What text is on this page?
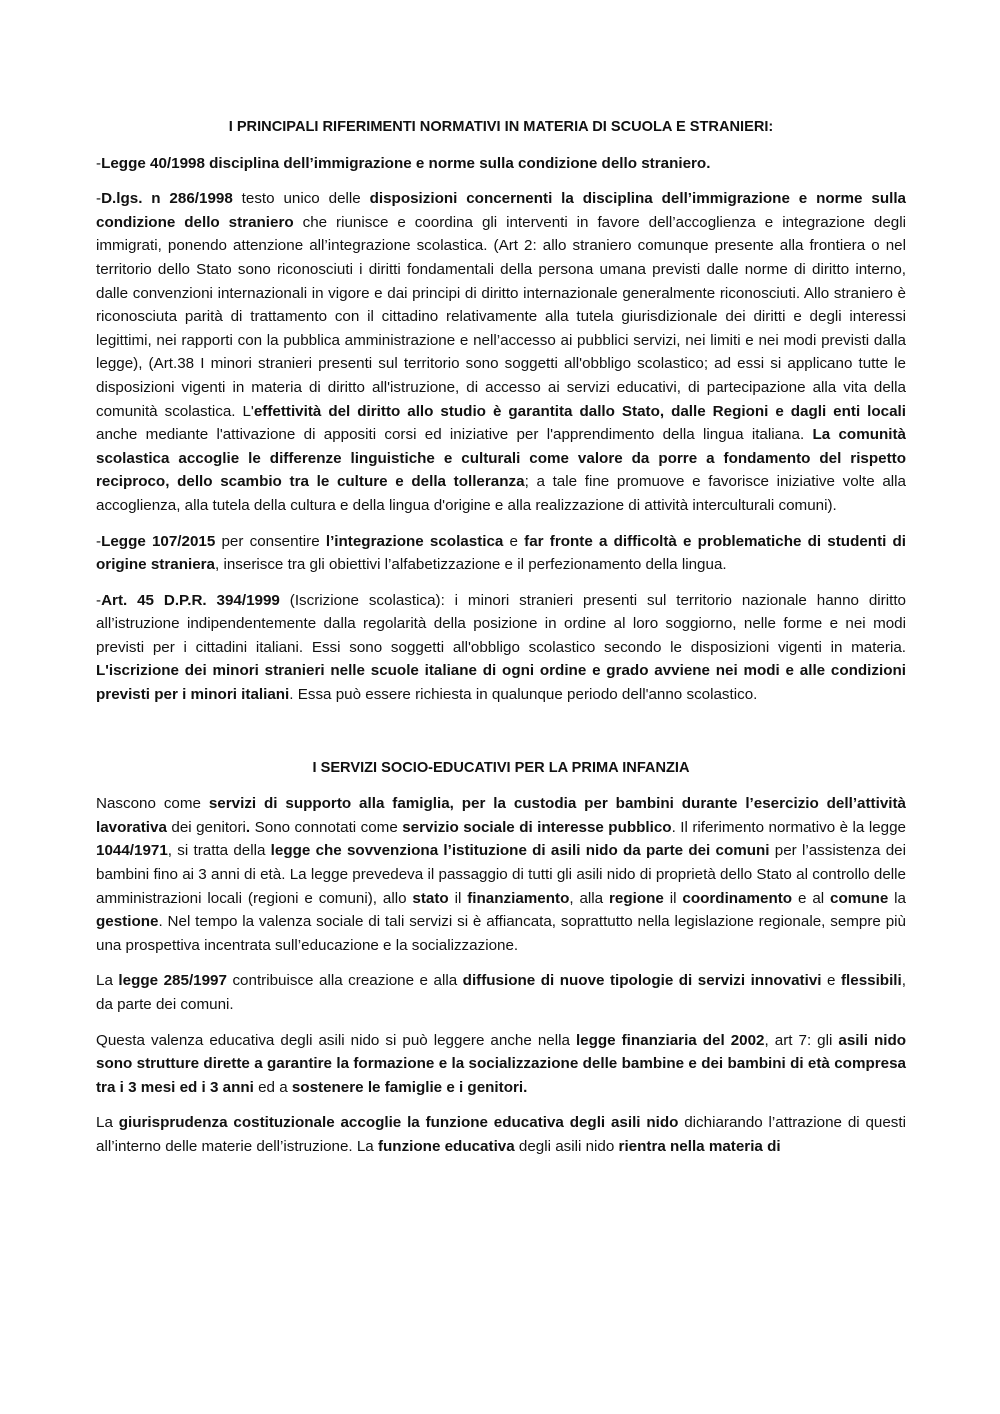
I PRINCIPALI RIFERIMENTI NORMATIVI IN MATERIA DI SCUOLA E STRANIERI:

-Legge 40/1998 disciplina dell’immigrazione e norme sulla condizione dello straniero.

-D.lgs. n 286/1998 testo unico delle disposizioni concernenti la disciplina dell’immigrazione e norme sulla condizione dello straniero che riunisce e coordina gli interventi in favore dell’accoglienza e integrazione degli immigrati, ponendo attenzione all’integrazione scolastica. (Art 2: allo straniero comunque presente alla frontiera o nel territorio dello Stato sono riconosciuti i diritti fondamentali della persona umana previsti dalle norme di diritto interno, dalle convenzioni internazionali in vigore e dai principi di diritto internazionale generalmente riconosciuti. Allo straniero è riconosciuta parità di trattamento con il cittadino relativamente alla tutela giurisdizionale dei diritti e degli interessi legittimi, nei rapporti con la pubblica amministrazione e nell’accesso ai pubblici servizi, nei limiti e nei modi previsti dalla legge), (Art.38 I minori stranieri presenti sul territorio sono soggetti all'obbligo scolastico; ad essi si applicano tutte le disposizioni vigenti in materia di diritto all'istruzione, di accesso ai servizi educativi, di partecipazione alla vita della comunità scolastica. L'effettività del diritto allo studio è garantita dallo Stato, dalle Regioni e dagli enti locali anche mediante l'attivazione di appositi corsi ed iniziative per l'apprendimento della lingua italiana. La comunità scolastica accoglie le differenze linguistiche e culturali come valore da porre a fondamento del rispetto reciproco, dello scambio tra le culture e della tolleranza; a tale fine promuove e favorisce iniziative volte alla accoglienza, alla tutela della cultura e della lingua d'origine e alla realizzazione di attività interculturali comuni).

-Legge 107/2015 per consentire l’integrazione scolastica e far fronte a difficoltà e problematiche di studenti di origine straniera, inserisce tra gli obiettivi l’alfabetizzazione e il perfezionamento della lingua.

-Art. 45 D.P.R. 394/1999 (Iscrizione scolastica): i minori stranieri presenti sul territorio nazionale hanno diritto all’istruzione indipendentemente dalla regolarità della posizione in ordine al loro soggiorno, nelle forme e nei modi previsti per i cittadini italiani. Essi sono soggetti all'obbligo scolastico secondo le disposizioni vigenti in materia. L'iscrizione dei minori stranieri nelle scuole italiane di ogni ordine e grado avviene nei modi e alle condizioni previsti per i minori italiani. Essa può essere richiesta in qualunque periodo dell'anno scolastico.

I SERVIZI SOCIO-EDUCATIVI PER LA PRIMA INFANZIA

Nascono come servizi di supporto alla famiglia, per la custodia per bambini durante l’esercizio dell’attività lavorativa dei genitori. Sono connotati come servizio sociale di interesse pubblico. Il riferimento normativo è la legge 1044/1971, si tratta della legge che sovvenziona l’istituzione di asili nido da parte dei comuni per l’assistenza dei bambini fino ai 3 anni di età. La legge prevedeva il passaggio di tutti gli asili nido di proprietà dello Stato al controllo delle amministrazioni locali (regioni e comuni), allo stato il finanziamento, alla regione il coordinamento e al comune la gestione. Nel tempo la valenza sociale di tali servizi si è affiancata, soprattutto nella legislazione regionale, sempre più una prospettiva incentrata sull’educazione e la socializzazione.

La legge 285/1997 contribuisce alla creazione e alla diffusione di nuove tipologie di servizi innovativi e flessibili, da parte dei comuni.

Questa valenza educativa degli asili nido si può leggere anche nella legge finanziaria del 2002, art 7: gli asili nido sono strutture dirette a garantire la formazione e la socializzazione delle bambine e dei bambini di età compresa tra i 3 mesi ed i 3 anni ed a sostenere le famiglie e i genitori.

La giurisprudenza costituzionale accoglie la funzione educativa degli asili nido dichiarando l’attrazione di questi all’interno delle materie dell’istruzione. La funzione educativa degli asili nido rientra nella materia di
